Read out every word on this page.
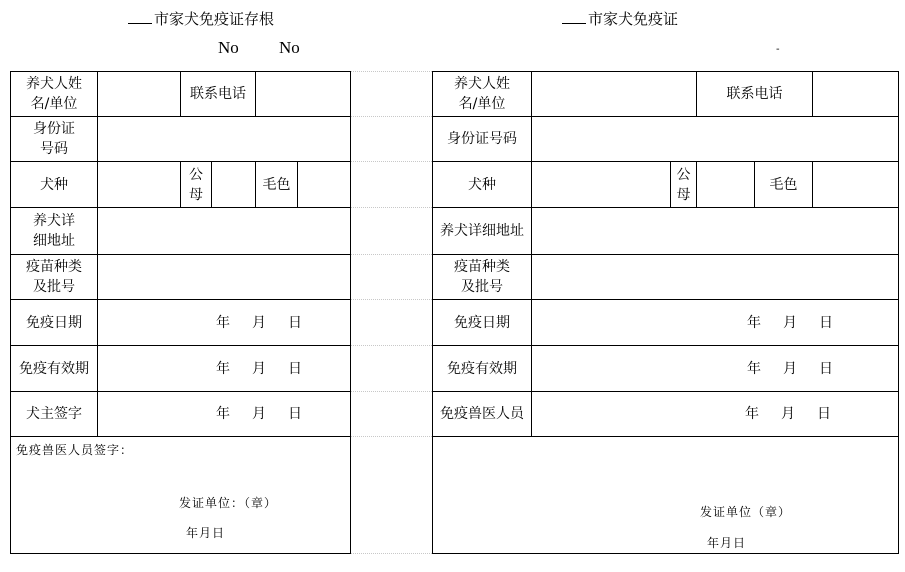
市家犬免疫证存根	市家犬免疫证
No No	-
养犬人姓名/单位		联系电话			

身份证号码					

犬种		公母		毛色	

养犬详细地址					

疫苗种类及批号					

免疫日期	年 月 日				
免疫有效期	年 月 日				
犬主签字	年 月 日				

免疫兽医人员签字：
发证单位：（章）
年月日					
养犬人姓名/单位			联系电话		
身份证号码					
犬种		公母		毛色	
养犬详细地址					

疫苗种类及批号					

免疫日期	年 月 日				
免疫有效期	年 月 日				
免疫兽医人员	年 月 日				

发证单位（章）
年月日					
